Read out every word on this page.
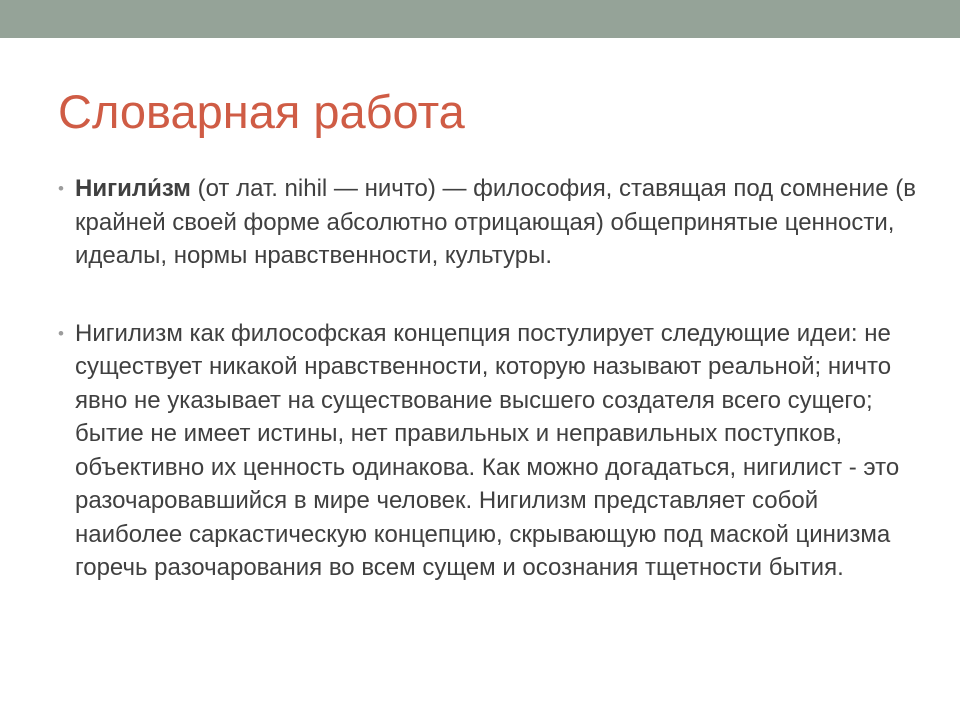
Словарная работа
• Нигили́зм (от лат. nihil — ничто) — философия, ставящая под сомнение (в крайней своей форме абсолютно отрицающая) общепринятые ценности, идеалы, нормы нравственности, культуры.
• Нигилизм как философская концепция постулирует следующие идеи: не существует никакой нравственности, которую называют реальной; ничто явно не указывает на существование высшего создателя всего сущего; бытие не имеет истины, нет правильных и неправильных поступков, объективно их ценность одинакова. Как можно догадаться, нигилист - это разочаровавшийся в мире человек. Нигилизм представляет собой наиболее саркастическую концепцию, скрывающую под маской цинизма горечь разочарования во всем сущем и осознания тщетности бытия.
